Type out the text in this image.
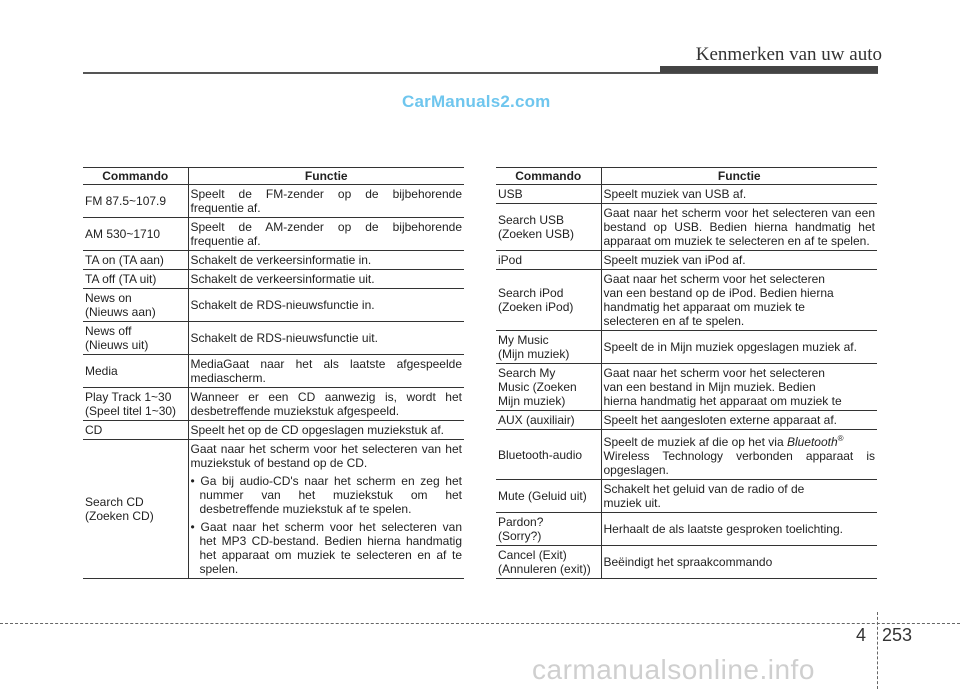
Kenmerken van uw auto
CarManuals2.com
Commando	Functie

FM 87.5~107.9	Speelt de FM-zender op de bijbehorende frequentie af.

AM 530~1710	Speelt de AM-zender op de bijbehorende frequentie af.

TA on (TA aan)	Schakelt de verkeersinformatie in.

TA off (TA uit)	Schakelt de verkeersinformatie uit.

News on
(Nieuws aan)	Schakelt de RDS-nieuwsfunctie in.

News off
(Nieuws uit)	Schakelt de RDS-nieuwsfunctie uit.

Media	MediaGaat naar het als laatste afgespeelde mediascherm.

Play Track 1~30
(Speel titel 1~30)	Wanneer er een CD aanwezig is, wordt het desbetreffende muziekstuk afgespeeld.

CD	Speelt het op de CD opgeslagen muziekstuk af.

Search CD
(Zoeken CD)	Gaat naar het scherm voor het selecteren van het muziekstuk of bestand op de CD.
• Ga bij audio-CD's naar het scherm en zeg het nummer van het muziekstuk om het desbetreffende muziekstuk af te spelen.
• Gaat naar het scherm voor het selecteren van het MP3 CD-bestand. Bedien hierna handmatig het apparaat om muziek te selecteren en af te spelen.
Commando	Functie

USB	Speelt muziek van USB af.

Search USB
(Zoeken USB)	Gaat naar het scherm voor het selecteren van een bestand op USB. Bedien hierna handmatig het apparaat om muziek te selecteren en af te spelen.

iPod	Speelt muziek van iPod af.

Search iPod
(Zoeken iPod)	Gaat naar het scherm voor het selecteren
van een bestand op de iPod. Bedien hierna
handmatig het apparaat om muziek te
selecteren en af te spelen.

My Music
(Mijn muziek)	Speelt de in Mijn muziek opgeslagen muziek af.

Search My
Music (Zoeken
Mijn muziek)	Gaat naar het scherm voor het selecteren
van een bestand in Mijn muziek. Bedien
hierna handmatig het apparaat om muziek te

AUX (auxiliair)	Speelt het aangesloten externe apparaat af.

Bluetooth-audio	Speelt de muziek af die op het via Bluetooth®
Wireless Technology verbonden apparaat is opgeslagen.

Mute (Geluid uit)	Schakelt het geluid van de radio of de
muziek uit.

Pardon?
(Sorry?)	Herhaalt de als laatste gesproken toelichting.

Cancel (Exit)
(Annuleren (exit))	Beëindigt het spraakcommando
4 253
carmanualsonline.info
